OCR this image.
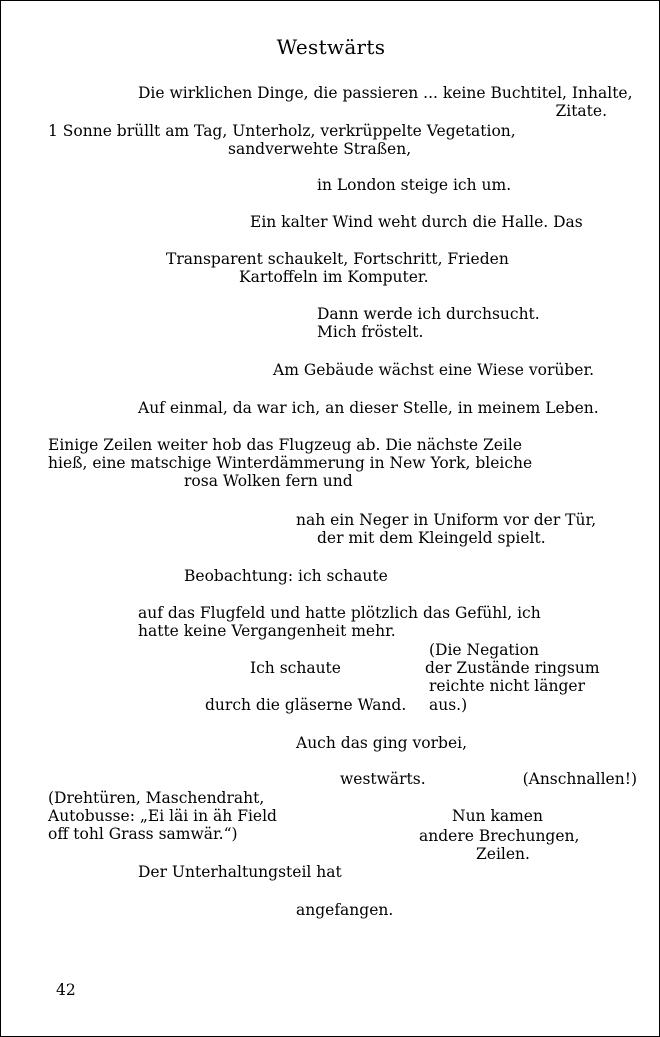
Westwärts
Die wirklichen Dinge, die passieren ... keine Buchtitel, Inhalte,
Zitate.
1 Sonne brüllt am Tag, Unterholz, verkrüppelte Vegetation,
sandverwehte Straßen,
in London steige ich um.
Ein kalter Wind weht durch die Halle. Das
Transparent schaukelt, Fortschritt, Frieden
Kartoffeln im Komputer.
Dann werde ich durchsucht.
Mich fröstelt.
Am Gebäude wächst eine Wiese vorüber.
Auf einmal, da war ich, an dieser Stelle, in meinem Leben.
Einige Zeilen weiter hob das Flugzeug ab. Die nächste Zeile
hieß, eine matschige Winterdämmerung in New York, bleiche
rosa Wolken fern und
nah ein Neger in Uniform vor der Tür,
der mit dem Kleingeld spielt.
Beobachtung: ich schaute
auf das Flugfeld und hatte plötzlich das Gefühl, ich
hatte keine Vergangenheit mehr.
(Die Negation
Ich schaute	der Zustände ringsum
reichte nicht länger
durch die gläserne Wand. aus.)
Auch das ging vorbei,
westwärts.	(Anschnallen!)
(Drehtüren, Maschendraht,
Autobusse: „Ei läi in äh Field
off tohl Grass samwär.“)
Nun kamen
andere Brechungen,
Zeilen.
Der Unterhaltungsteil hat
angefangen.
42
